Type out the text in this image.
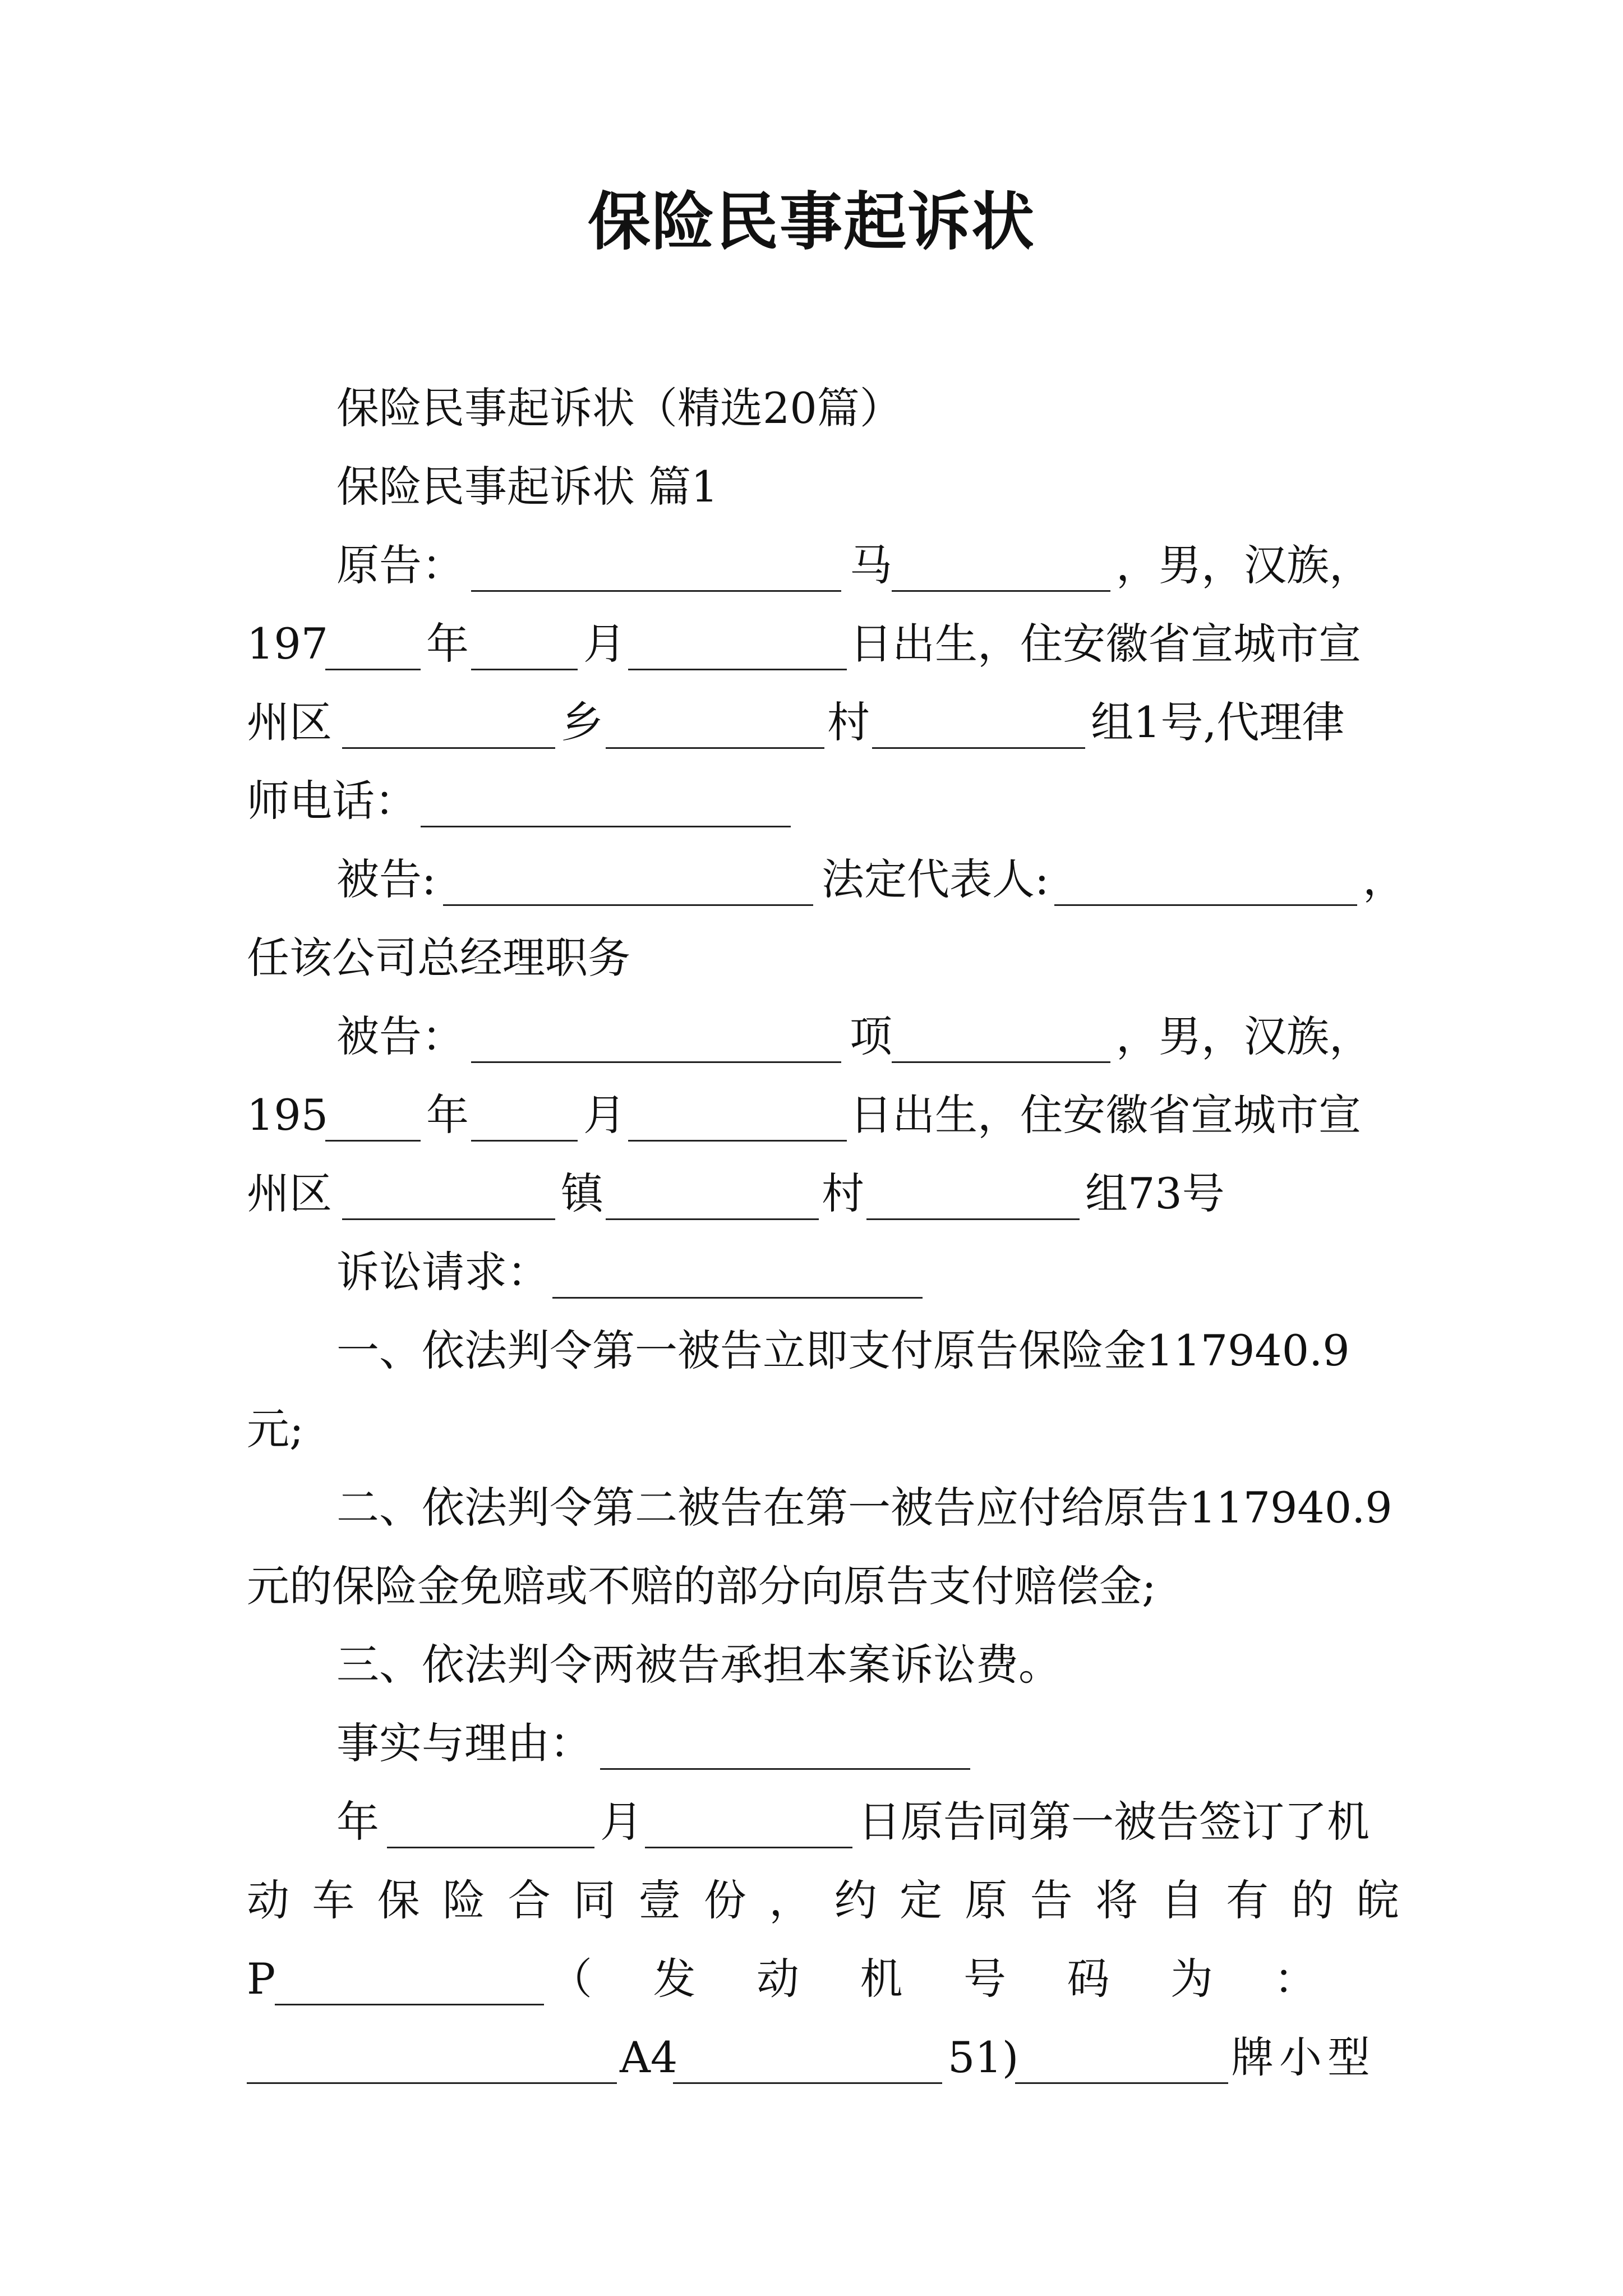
保险民事起诉状
保险民事起诉状（精选20篇）
保险民事起诉状 篇1
原告：	马	，男，汉族，
197 年	月	日出生，住安徽省宣城市宣
州区	乡	村	组1号,代理律
师电话：
被告:	法定代表人:	，
任该公司总经理职务
被告：	项	，男，汉族，
195 年	月	日出生，住安徽省宣城市宣
州区	镇	村	组73号
诉讼请求：
一、依法判令第一被告立即支付原告保险金117940.9
元;
二、依法判令第二被告在第一被告应付给原告117940.9
元的保险金免赔或不赔的部分向原告支付赔偿金;
三、依法判令两被告承担本案诉讼费。
事实与理由：
年	月	日原告同第一被告签订了机
动车保险合同壹份，约定原告将自有的皖
P	（发动机号码为：
A4	51)	牌小型
